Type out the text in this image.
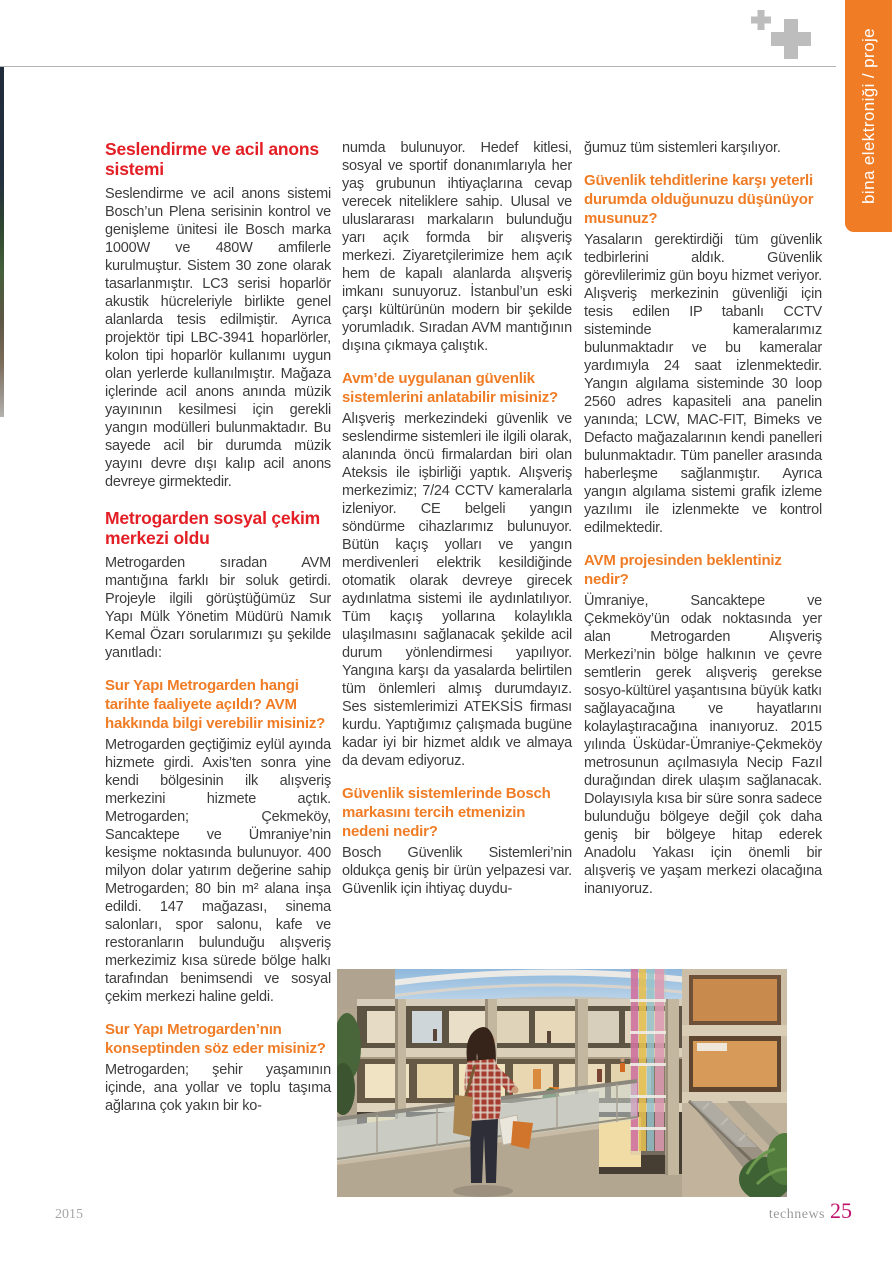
bina elektroniği / proje
Seslendirme ve acil anons sistemi

Seslendirme ve acil anons sistemi Bosch’un Plena serisinin kontrol ve genişleme ünitesi ile Bosch marka 1000W ve 480W amfilerle kurulmuştur. Sistem 30 zone olarak tasarlanmıştır. LC3 serisi hoparlör akustik hücreleriyle birlikte genel alanlarda tesis edilmiştir. Ayrıca projektör tipi LBC-3941 hoparlörler, kolon tipi hoparlör kullanımı uygun olan yerlerde kullanılmıştır. Mağaza içlerinde acil anons anında müzik yayınının kesilmesi için gerekli yangın modülleri bulunmaktadır. Bu sayede acil bir durumda müzik yayını devre dışı kalıp acil anons devreye girmektedir.

Metrogarden sosyal çekim merkezi oldu

Metrogarden sıradan AVM mantığına farklı bir soluk getirdi. Projeyle ilgili görüştüğümüz Sur Yapı Mülk Yönetim Müdürü Namık Kemal Özarı sorularımızı şu şekilde yanıtladı:

Sur Yapı Metrogarden hangi tarihte faaliyete açıldı? AVM hakkında bilgi verebilir misiniz?

Metrogarden geçtiğimiz eylül ayında hizmete girdi. Axis’ten sonra yine kendi bölgesinin ilk alışveriş merkezini hizmete açtık. Metrogarden; Çekmeköy, Sancaktepe ve Ümraniye’nin kesişme noktasında bulunuyor. 400 milyon dolar yatırım değerine sahip Metrogarden; 80 bin m² alana inşa edildi. 147 mağazası, sinema salonları, spor salonu, kafe ve restoranların bulunduğu alışveriş merkezimiz kısa sürede bölge halkı tarafından benimsendi ve sosyal çekim merkezi haline geldi.

Sur Yapı Metrogarden’nın konseptinden söz eder misiniz?

Metrogarden; şehir yaşamının içinde, ana yollar ve toplu taşıma ağlarına çok yakın bir ko-

numda bulunuyor. Hedef kitlesi, sosyal ve sportif donanımlarıyla her yaş grubunun ihtiyaçlarına cevap verecek niteliklere sahip. Ulusal ve uluslararası markaların bulunduğu yarı açık formda bir alışveriş merkezi. Ziyaretçilerimize hem açık hem de kapalı alanlarda alışveriş imkanı sunuyoruz. İstanbul’un eski çarşı kültürünün modern bir şekilde yorumladık. Sıradan AVM mantığının dışına çıkmaya çalıştık.

Avm’de uygulanan güvenlik sistemlerini anlatabilir misiniz?

Alışveriş merkezindeki güvenlik ve seslendirme sistemleri ile ilgili olarak, alanında öncü firmalardan biri olan Ateksis ile işbirliği yaptık. Alışveriş merkezimiz; 7/24 CCTV kameralarla izleniyor. CE belgeli yangın söndürme cihazlarımız bulunuyor. Bütün kaçış yolları ve yangın merdivenleri elektrik kesildiğinde otomatik olarak devreye girecek aydınlatma sistemi ile aydınlatılıyor. Tüm kaçış yollarına kolaylıkla ulaşılmasını sağlanacak şekilde acil durum yönlendirmesi yapılıyor. Yangına karşı da yasalarda belirtilen tüm önlemleri almış durumdayız. Ses sistemlerimizi ATEKSİS firması kurdu. Yaptığımız çalışmada bugüne kadar iyi bir hizmet aldık ve almaya da devam ediyoruz.

Güvenlik sistemlerinde Bosch markasını tercih etmenizin nedeni nedir?

Bosch Güvenlik Sistemleri’nin oldukça geniş bir ürün yelpazesi var. Güvenlik için ihtiyaç duydu-

ğumuz tüm sistemleri karşılıyor.

Güvenlik tehditlerine karşı yeterli durumda olduğunuzu düşünüyor musunuz?

Yasaların gerektirdiği tüm güvenlik tedbirlerini aldık. Güvenlik görevlilerimiz gün boyu hizmet veriyor. Alışveriş merkezinin güvenliği için tesis edilen IP tabanlı CCTV sisteminde kameralarımız bulunmaktadır ve bu kameralar yardımıyla 24 saat izlenmektedir. Yangın algılama sisteminde 30 loop 2560 adres kapasiteli ana panelin yanında; LCW, MAC-FIT, Bimeks ve Defacto mağazalarının kendi panelleri bulunmaktadır. Tüm paneller arasında haberleşme sağlanmıştır. Ayrıca yangın algılama sistemi grafik izleme yazılımı ile izlenmekte ve kontrol edilmektedir.

AVM projesinden beklentiniz nedir?

Ümraniye, Sancaktepe ve Çekmeköy’ün odak noktasında yer alan Metrogarden Alışveriş Merkezi’nin bölge halkının ve çevre semtlerin gerek alışveriş gerekse sosyo-kültürel yaşantısına büyük katkı sağlayacağına ve hayatlarını kolaylaştıracağına inanıyoruz. 2015 yılında Üsküdar-Ümraniye-Çekmeköy metrosunun açılmasıyla Necip Fazıl durağından direk ulaşım sağlanacak. Dolayısıyla kısa bir süre sonra sadece bulunduğu bölgeye değil çok daha geniş bir bölgeye hitap ederek Anadolu Yakası için önemli bir alışveriş ve yaşam merkezi olacağına inanıyoruz.

2015	technews 25
